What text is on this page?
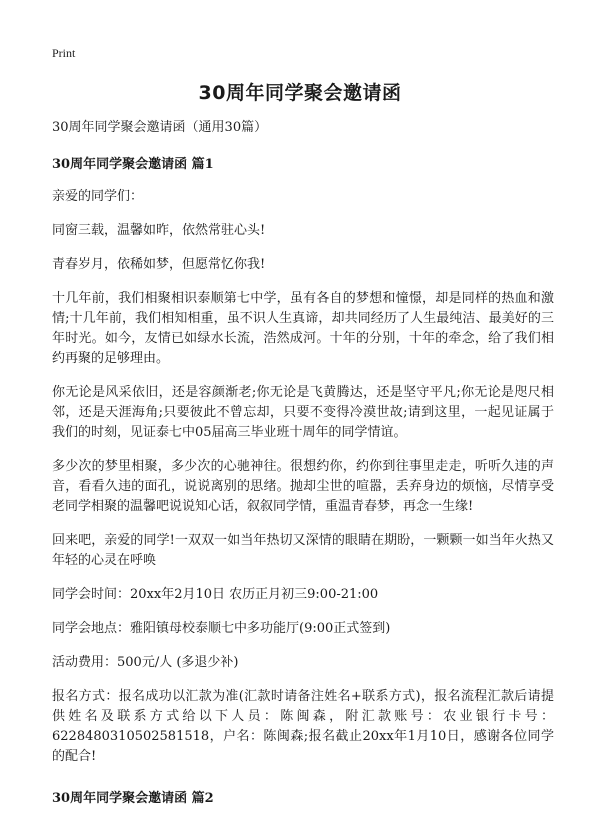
Print
30周年同学聚会邀请函

30周年同学聚会邀请函（通用30篇）

30周年同学聚会邀请函 篇1

亲爱的同学们：

同窗三载，温馨如昨，依然常驻心头!

青春岁月，依稀如梦，但愿常忆你我!

十几年前，我们相聚相识泰顺第七中学，虽有各自的梦想和憧憬，却是同样的热血和激情;十几年前，我们相知相重，虽不识人生真谛，却共同经历了人生最纯洁、最美好的三年时光。如今，友情已如绿水长流，浩然成河。十年的分别，十年的牵念，给了我们相约再聚的足够理由。

你无论是风采依旧，还是容颜渐老;你无论是飞黄腾达，还是坚守平凡;你无论是咫尺相邻，还是天涯海角;只要彼此不曾忘却，只要不变得冷漠世故;请到这里，一起见证属于我们的时刻，见证泰七中05届高三毕业班十周年的同学情谊。

多少次的梦里相聚，多少次的心驰神往。很想约你，约你到往事里走走，听听久违的声音，看看久违的面孔，说说离别的思绪。抛却尘世的喧嚣，丢弃身边的烦恼，尽情享受老同学相聚的温馨吧说说知心话，叙叙同学情，重温青春梦，再念一生缘!

回来吧，亲爱的同学!一双双一如当年热切又深情的眼睛在期盼，一颗颗一如当年火热又年轻的心灵在呼唤

同学会时间：20xx年2月10日 农历正月初三9:00-21:00

同学会地点：雅阳镇母校泰顺七中多功能厅(9:00正式签到)

活动费用：500元/人 (多退少补)

报名方式：报名成功以汇款为准(汇款时请备注姓名+联系方式)，报名流程汇款后请提供姓名及联系方式给以下人员：陈闽森，附汇款账号：农业银行卡号：6228480310502581518，户名：陈闽森;报名截止20xx年1月10日，感谢各位同学的配合!

30周年同学聚会邀请函 篇2
